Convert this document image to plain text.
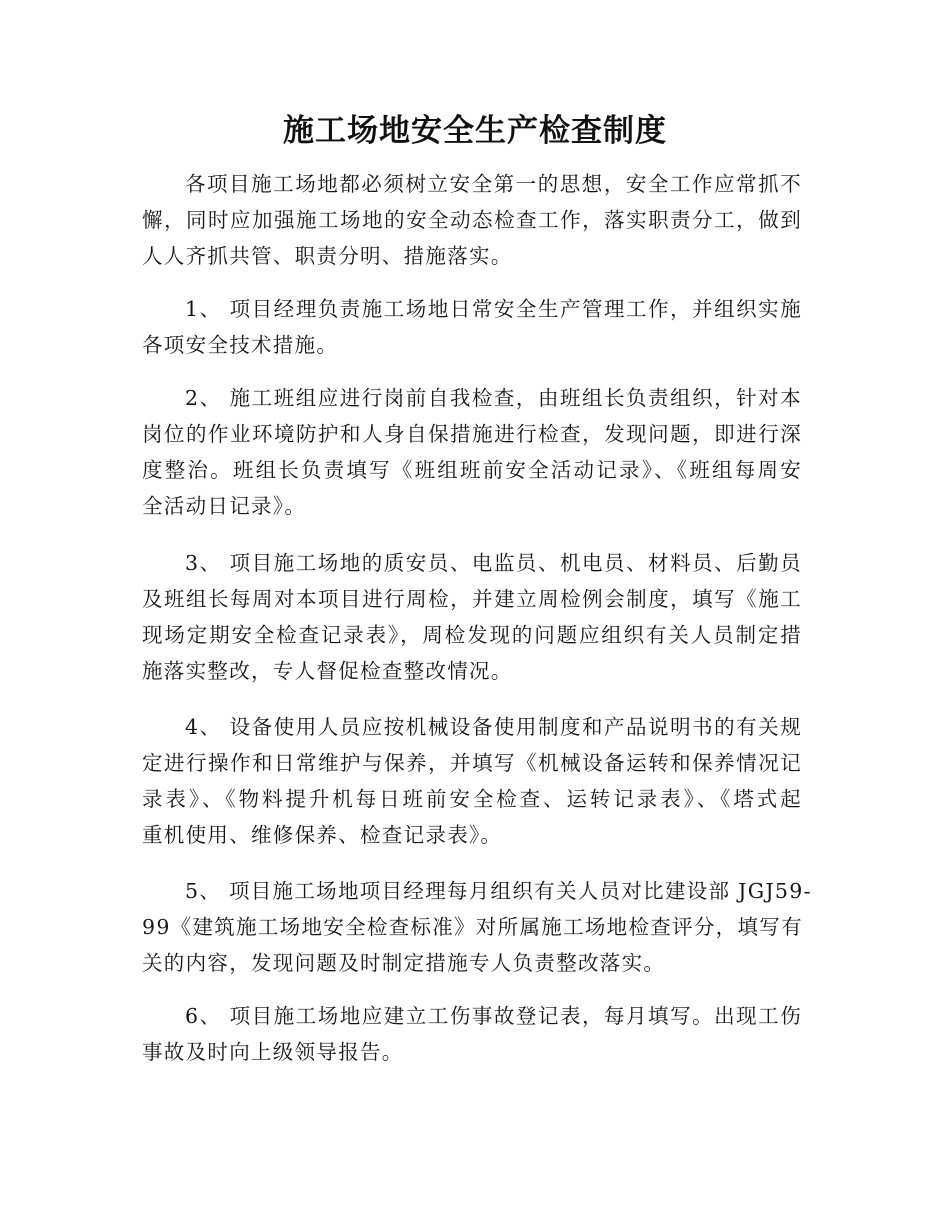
施工场地安全生产检查制度
各项目施工场地都必须树立安全第一的思想，安全工作应常抓不
懈，同时应加强施工场地的安全动态检查工作，落实职责分工，做到
人人齐抓共管、职责分明、措施落实。
1、 项目经理负责施工场地日常安全生产管理工作，并组织实施
各项安全技术措施。
2、 施工班组应进行岗前自我检查，由班组长负责组织，针对本
岗位的作业环境防护和人身自保措施进行检查，发现问题，即进行深
度整治。班组长负责填写《班组班前安全活动记录》、《班组每周安
全活动日记录》。
3、 项目施工场地的质安员、电监员、机电员、材料员、后勤员
及班组长每周对本项目进行周检，并建立周检例会制度，填写《施工
现场定期安全检查记录表》，周检发现的问题应组织有关人员制定措
施落实整改，专人督促检查整改情况。
4、 设备使用人员应按机械设备使用制度和产品说明书的有关规
定进行操作和日常维护与保养，并填写《机械设备运转和保养情况记
录表》、《物料提升机每日班前安全检查、运转记录表》、《塔式起
重机使用、维修保养、检查记录表》。
5、 项目施工场地项目经理每月组织有关人员对比建设部 JGJ59-
99《建筑施工场地安全检查标准》对所属施工场地检查评分，填写有
关的内容，发现问题及时制定措施专人负责整改落实。
6、 项目施工场地应建立工伤事故登记表，每月填写。出现工伤
事故及时向上级领导报告。
